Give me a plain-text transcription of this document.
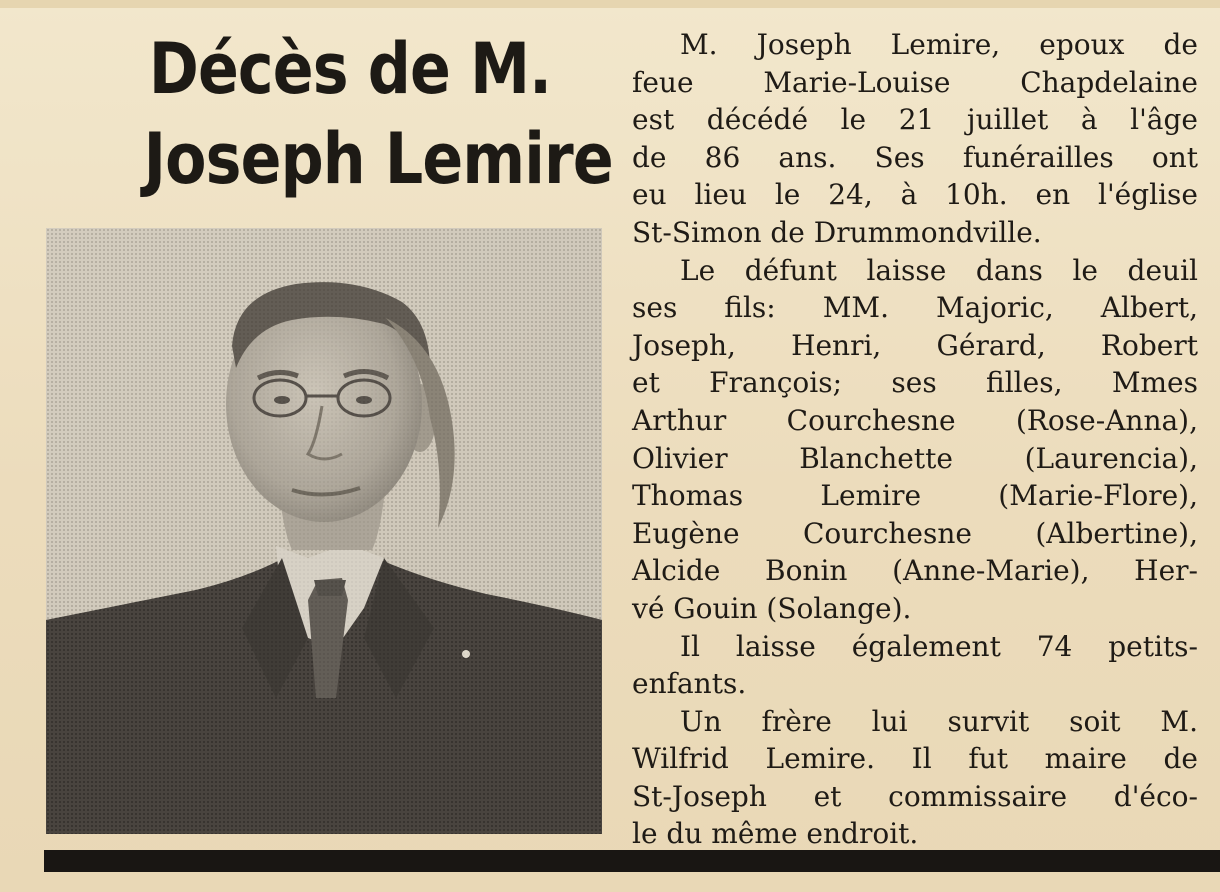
Décès de M.
Joseph Lemire
M. Joseph Lemire, epoux de
feue Marie-Louise Chapdelaine
est décédé le 21 juillet à l'âge
de 86 ans. Ses funérailles ont
eu lieu le 24, à 10h. en l'église
St-Simon de Drummondville.
Le défunt laisse dans le deuil
ses fils: MM. Majoric, Albert,
Joseph, Henri, Gérard, Robert
et François; ses filles, Mmes
Arthur Courchesne (Rose-Anna),
Olivier Blanchette (Laurencia),
Thomas Lemire (Marie-Flore),
Eugène Courchesne (Albertine),
Alcide Bonin (Anne-Marie), Her-
vé Gouin (Solange).
Il laisse également 74 petits-
enfants.
Un frère lui survit soit M.
Wilfrid Lemire. Il fut maire de
St-Joseph et commissaire d'éco-
le du même endroit.
